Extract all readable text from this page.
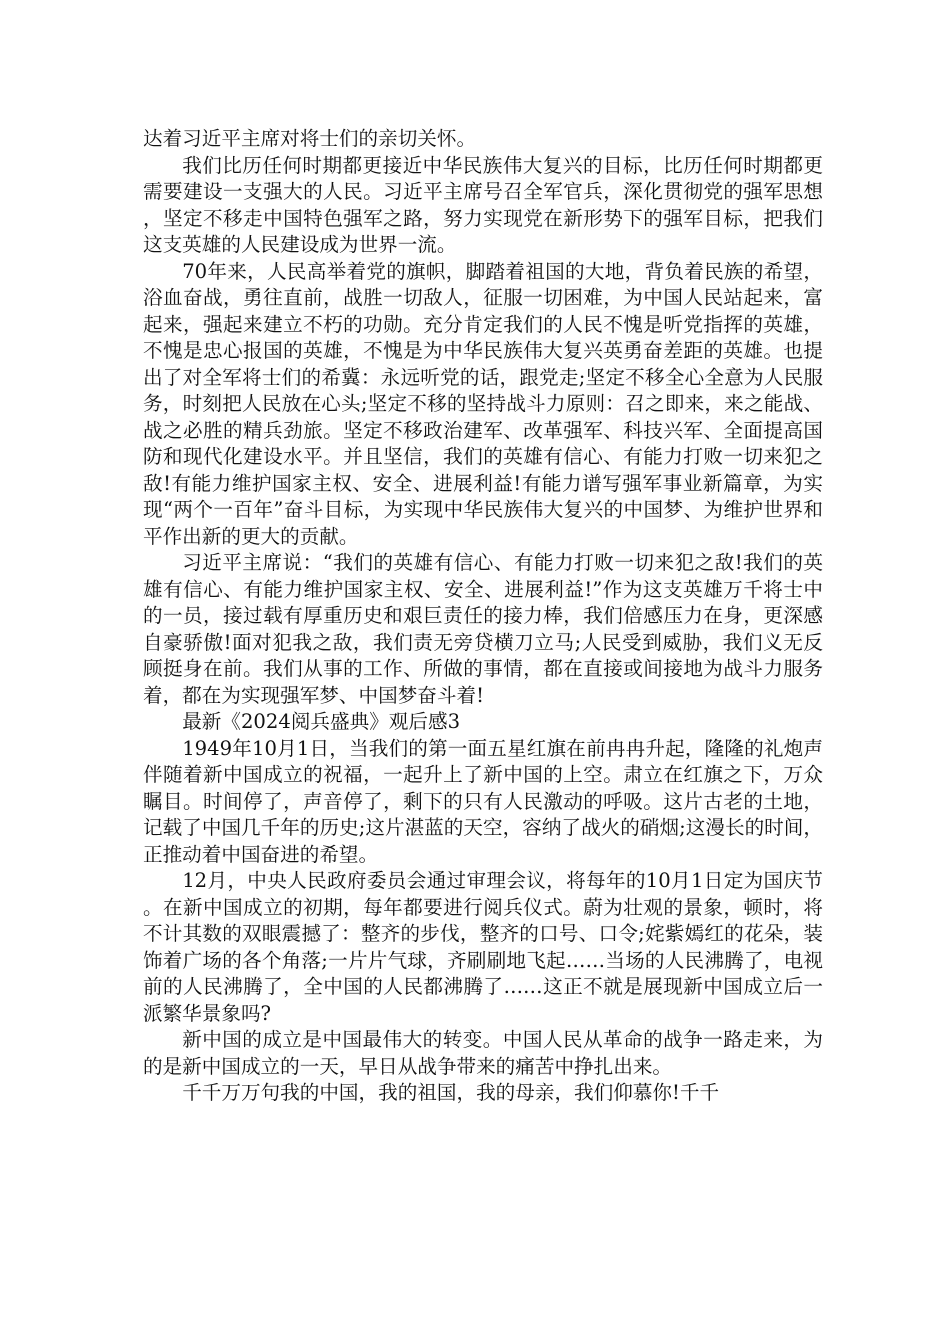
达着习近平主席对将士们的亲切关怀。

我们比历任何时期都更接近中华民族伟大复兴的目标，比历任何时期都更需要建设一支强大的人民。习近平主席号召全军官兵，深化贯彻党的强军思想，坚定不移走中国特色强军之路，努力实现党在新形势下的强军目标，把我们这支英雄的人民建设成为世界一流。

70年来，人民高举着党的旗帜，脚踏着祖国的大地，背负着民族的希望，浴血奋战，勇往直前，战胜一切敌人，征服一切困难，为中国人民站起来，富起来，强起来建立不朽的功勋。充分肯定我们的人民不愧是听党指挥的英雄，不愧是忠心报国的英雄，不愧是为中华民族伟大复兴英勇奋差距的英雄。也提出了对全军将士们的希冀：永远听党的话，跟党走;坚定不移全心全意为人民服务，时刻把人民放在心头;坚定不移的坚持战斗力原则：召之即来，来之能战、战之必胜的精兵劲旅。坚定不移政治建军、改革强军、科技兴军、全面提高国防和现代化建设水平。并且坚信，我们的英雄有信心、有能力打败一切来犯之敌!有能力维护国家主权、安全、进展利益!有能力谱写强军事业新篇章，为实现“两个一百年”奋斗目标，为实现中华民族伟大复兴的中国梦、为维护世界和平作出新的更大的贡献。

习近平主席说：“我们的英雄有信心、有能力打败一切来犯之敌!我们的英雄有信心、有能力维护国家主权、安全、进展利益!”作为这支英雄万千将士中的一员，接过载有厚重历史和艰巨责任的接力棒，我们倍感压力在身，更深感自豪骄傲!面对犯我之敌，我们责无旁贷横刀立马;人民受到威胁，我们义无反顾挺身在前。我们从事的工作、所做的事情，都在直接或间接地为战斗力服务着，都在为实现强军梦、中国梦奋斗着!

最新《2024阅兵盛典》观后感3

1949年10月1日，当我们的第一面五星红旗在前冉冉升起，隆隆的礼炮声伴随着新中国成立的祝福，一起升上了新中国的上空。肃立在红旗之下，万众瞩目。时间停了，声音停了，剩下的只有人民激动的呼吸。这片古老的土地，记载了中国几千年的历史;这片湛蓝的天空，容纳了战火的硝烟;这漫长的时间，正推动着中国奋进的希望。

12月，中央人民政府委员会通过审理会议，将每年的10月1日定为国庆节。在新中国成立的初期，每年都要进行阅兵仪式。蔚为壮观的景象，顿时，将不计其数的双眼震撼了：整齐的步伐，整齐的口号、口令;姹紫嫣红的花朵，装饰着广场的各个角落;一片片气球，齐刷刷地飞起……当场的人民沸腾了，电视前的人民沸腾了，全中国的人民都沸腾了……这正不就是展现新中国成立后一派繁华景象吗?

新中国的成立是中国最伟大的转变。中国人民从革命的战争一路走来，为的是新中国成立的一天，早日从战争带来的痛苦中挣扎出来。

千千万万句我的中国，我的祖国，我的母亲，我们仰慕你!千千
